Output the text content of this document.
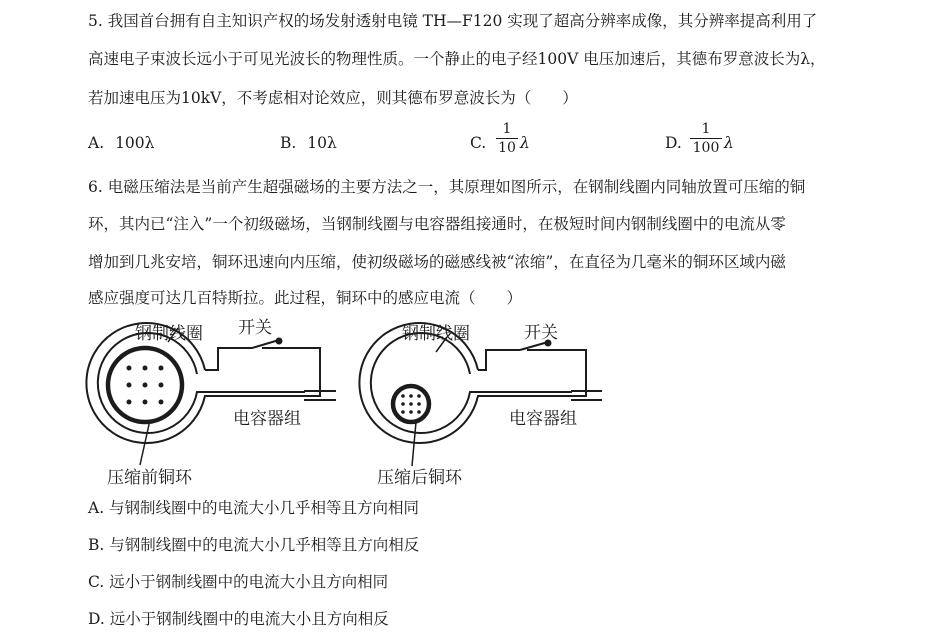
5. 我国首台拥有自主知识产权的场发射透射电镜 TH—F120 实现了超高分辨率成像，其分辨率提高利用了
高速电子束波长远小于可见光波长的物理性质。一个静止的电子经100V 电压加速后，其德布罗意波长为λ，
若加速电压为10kV，不考虑相对论效应，则其德布罗意波长为（　　）
A. 100λ	B. 10λ	C.
1
10 λ	D.
1
100 λ
6. 电磁压缩法是当前产生超强磁场的主要方法之一，其原理如图所示，在钢制线圈内同轴放置可压缩的铜
环，其内已“注入”一个初级磁场，当钢制线圈与电容器组接通时，在极短时间内钢制线圈中的电流从零
增加到几兆安培，铜环迅速向内压缩，使初级磁场的磁感线被“浓缩”，在直径为几毫米的铜环区域内磁
感应强度可达几百特斯拉。此过程，铜环中的感应电流（　　）
钢制线圈 开关
电容器组
压缩前铜环
钢制线圈	开关
电容器组
压缩后铜环
A. 与钢制线圈中的电流大小几乎相等且方向相同
B. 与钢制线圈中的电流大小几乎相等且方向相反
C. 远小于钢制线圈中的电流大小且方向相同
D. 远小于钢制线圈中的电流大小且方向相反
